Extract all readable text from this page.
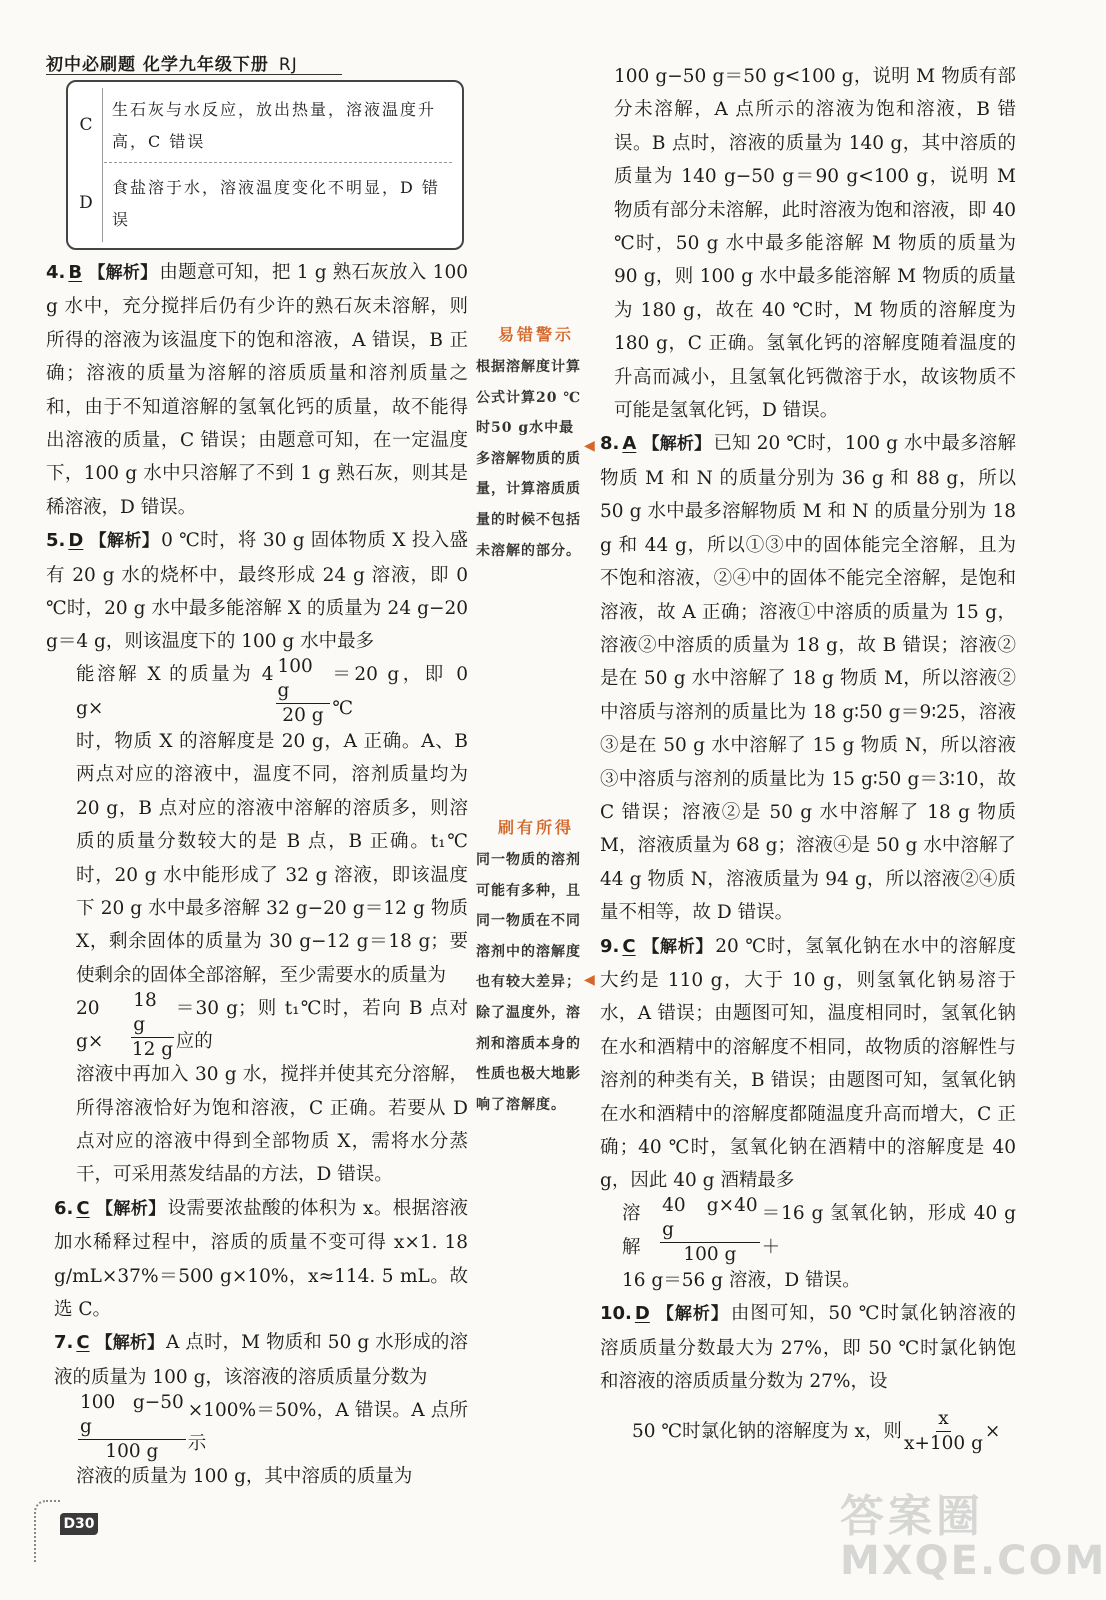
初中必刷题 化学九年级下册 RJ
C
生石灰与水反应，放出热量，溶液温度升高，C 错误
D
食盐溶于水，溶液温度变化不明显，D 错误

4. B 【解析】 由题意可知，把 1 g 熟石灰放入 100 g 水中，充分搅拌后仍有少许的熟石灰未溶解，则所得的溶液为该温度下的饱和溶液，A 错误，B 正确；溶液的质量为溶解的溶质质量和溶剂质量之和，由于不知道溶解的氢氧化钙的质量，故不能得出溶液的质量，C 错误；由题意可知，在一定温度下，100 g 水中只溶解了不到 1 g 熟石灰，则其是稀溶液，D 错误。

5. D 【解析】 0 ℃时，将 30 g 固体物质 X 投入盛有 20 g 水的烧杯中，最终形成 24 g 溶液，即 0 ℃时，20 g 水中最多能溶解 X 的质量为 24 g−20 g＝4 g，则该温度下的 100 g 水中最多

能溶解 X 的质量为 4 g×	$\frac{100 g}{20 g} =20$ g，即 0 ℃

时，物质 X 的溶解度是 20 g，A 正确。A、B 两点对应的溶液中，温度不同，溶剂质量均为 20 g，B 点对应的溶液中溶解的溶质多，则溶质的质量分数较大的是 B 点，B 正确。t₁℃时，20 g 水中能形成了 32 g 溶液，即该温度下 20 g 水中最多溶解 32 g−20 g＝12 g 物质 X，剩余固体的质量为 30 g−12 g＝18 g；要使剩余的固体全部溶解，至少需要水的质量为

20 g×	$\frac{18 g}{12 g} =30$ g；则 t₁℃时，若向 B 点对应的

溶液中再加入 30 g 水，搅拌并使其充分溶解，所得溶液恰好为饱和溶液，C 正确。若要从 D 点对应的溶液中得到全部物质 X，需将水分蒸干，可采用蒸发结晶的方法，D 错误。

6. C 【解析】 设需要浓盐酸的体积为 x。根据溶液加水稀释过程中，溶质的质量不变可得 x×1. 18 g/mL×37%＝500 g×10%，x≈114. 5 mL。故选 C。

7. C 【解析】 A 点时，M 物质和 50 g 水形成的溶液的质量为 100 g，该溶液的溶质质量分数为

$\frac{100 g-50 g}{100 g} \times 100\%=50\%$，A 错误。A 点所示

溶液的质量为 100 g，其中溶质的质量为

易错警示
根据溶解度计算公式计算20 ℃时50 g水中最多溶解物质的质量，计算溶质质量的时候不包括未溶解的部分。
◀
刷有所得
同一物质的溶剂可能有多种，且同一物质在不同溶剂中的溶解度也有较大差异；除了温度外，溶剂和溶质本身的性质也极大地影响了溶解度。
◀

100 g−50 g＝50 g<100 g，说明 M 物质有部分未溶解，A 点所示的溶液为饱和溶液，B 错误。B 点时，溶液的质量为 140 g，其中溶质的质量为 140 g−50 g＝90 g<100 g，说明 M 物质有部分未溶解，此时溶液为饱和溶液，即 40 ℃时，50 g 水中最多能溶解 M 物质的质量为 90 g，则 100 g 水中最多能溶解 M 物质的质量为 180 g，故在 40 ℃时，M 物质的溶解度为 180 g，C 正确。氢氧化钙的溶解度随着温度的升高而减小，且氢氧化钙微溶于水，故该物质不可能是氢氧化钙，D 错误。

8. A 【解析】 已知 20 ℃时，100 g 水中最多溶解物质 M 和 N 的质量分别为 36 g 和 88 g，所以 50 g 水中最多溶解物质 M 和 N 的质量分别为 18 g 和 44 g，所以①③中的固体能完全溶解，且为不饱和溶液，②④中的固体不能完全溶解，是饱和溶液，故 A 正确；溶液①中溶质的质量为 15 g，溶液②中溶质的质量为 18 g，故 B 错误；溶液②是在 50 g 水中溶解了 18 g 物质 M，所以溶液②中溶质与溶剂的质量比为 18 g∶50 g＝9∶25，溶液③是在 50 g 水中溶解了 15 g 物质 N，所以溶液③中溶质与溶剂的质量比为 15 g∶50 g＝3∶10，故 C 错误；溶液②是 50 g 水中溶解了 18 g 物质 M，溶液质量为 68 g；溶液④是 50 g 水中溶解了 44 g 物质 N，溶液质量为 94 g，所以溶液②④质量不相等，故 D 错误。

9. C 【解析】 20 ℃时，氢氧化钠在水中的溶解度大约是 110 g，大于 10 g，则氢氧化钠易溶于水，A 错误；由题图可知，温度相同时，氢氧化钠在水和酒精中的溶解度不相同，故物质的溶解性与溶剂的种类有关，B 错误；由题图可知，氢氧化钠在水和酒精中的溶解度都随温度升高而增大，C 正确；40 ℃时，氢氧化钠在酒精中的溶解度是 40 g，因此 40 g 酒精最多

溶解	$\frac{40 g\times 40 g}{100 g} =16$ g 氢氧化钠，形成 40 g＋

16 g＝56 g 溶液，D 错误。

10. D 【解析】 由图可知，50 ℃时氯化钠溶液的溶质质量分数最大为 27%，即 50 ℃时氯化钠饱和溶液的溶质质量分数为 27%，设

50 ℃时氯化钠的溶解度为 x，则 $\frac{x}{x+100 g}$ ×
D30	答案圈
MXQE.COM
